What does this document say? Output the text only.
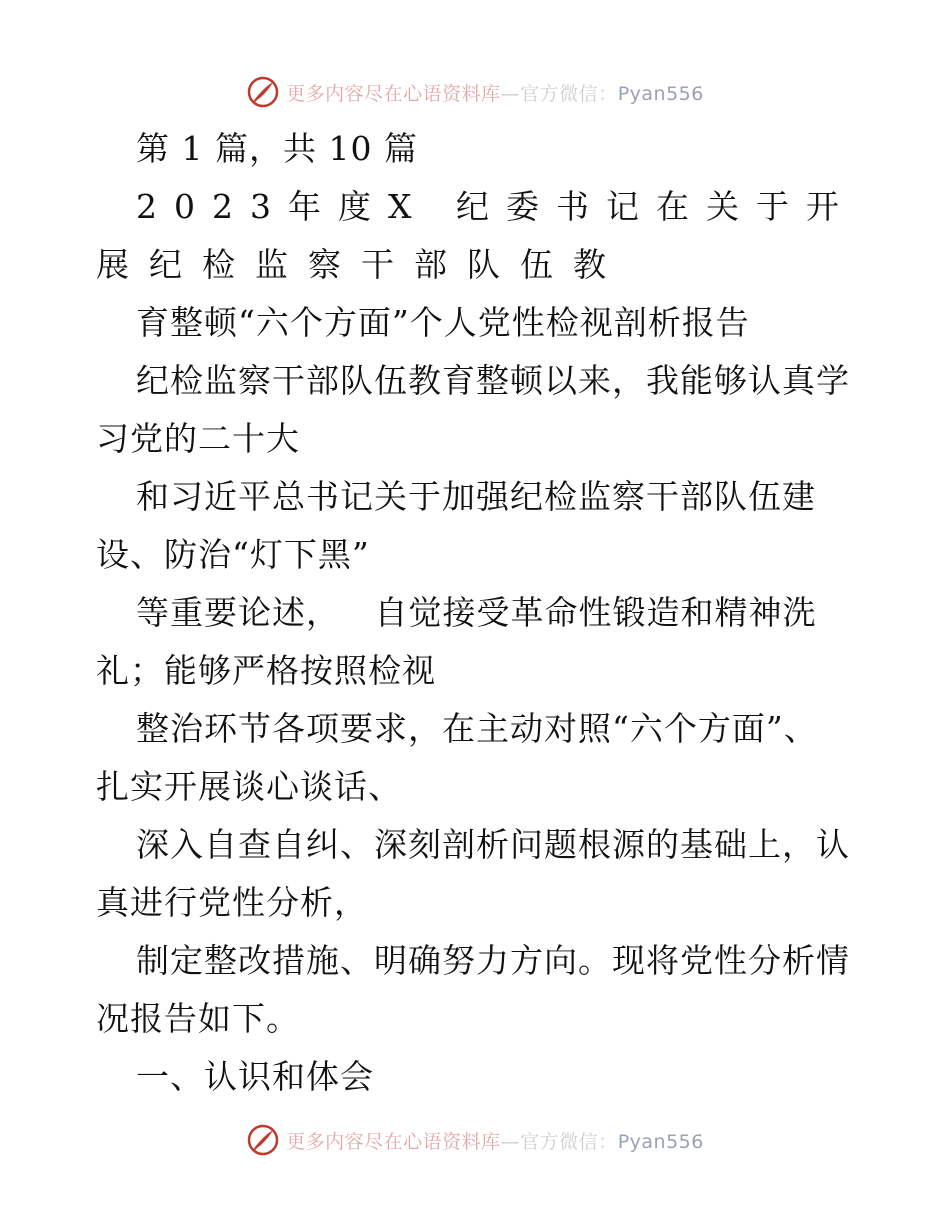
更多内容尽在心语资料库—官方微信：Pyan556
第 1 篇，共 10 篇
2023年度X 纪委书记在关于开
展纪检监察干部队伍教
育整顿“六个方面”个人党性检视剖析报告
纪检监察干部队伍教育整顿以来，我能够认真学
习党的二十大
和习近平总书记关于加强纪检监察干部队伍建
设、防治“灯下黑”
等重要论述，   自觉接受革命性锻造和精神洗
礼；能够严格按照检视
整治环节各项要求，在主动对照“六个方面”、
扎实开展谈心谈话、
深入自查自纠、深刻剖析问题根源的基础上，认
真进行党性分析，
制定整改措施、明确努力方向。现将党性分析情
况报告如下。
一、认识和体会
更多内容尽在心语资料库—官方微信：Pyan556
